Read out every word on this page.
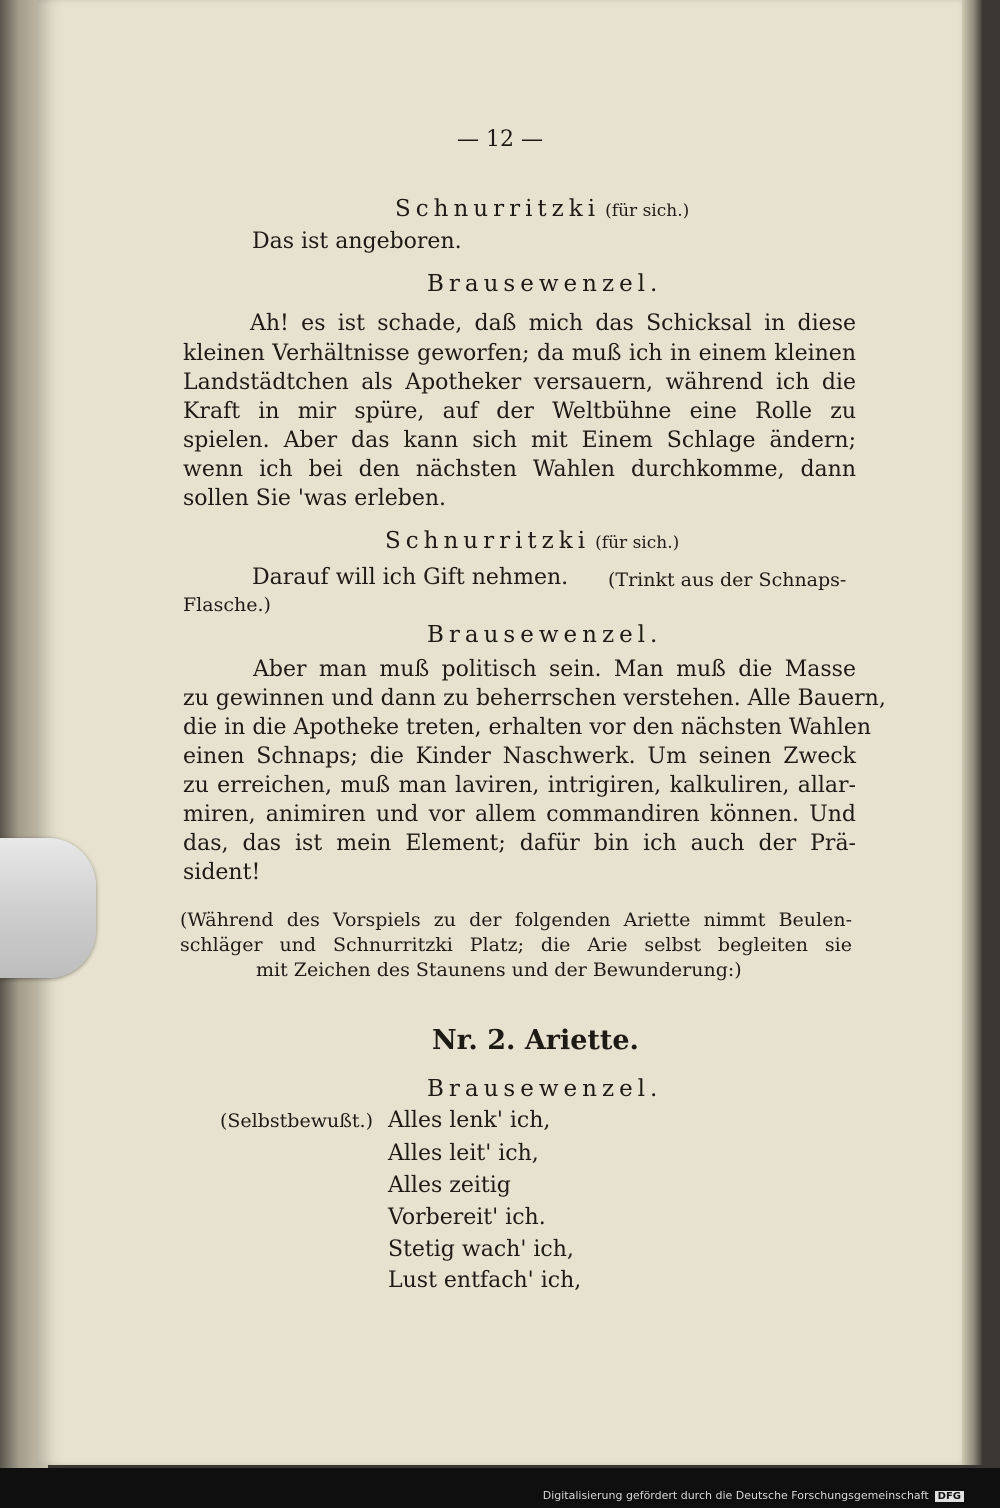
— 12 —
Schnurritzki (für sich.)
Das ist angeboren.
Brausewenzel.
Ah! es ist schade, daß mich das Schicksal in diese
kleinen Verhältnisse geworfen; da muß ich in einem kleinen
Landstädtchen als Apotheker versauern, während ich die
Kraft in mir spüre, auf der Weltbühne eine Rolle zu
spielen. Aber das kann sich mit Einem Schlage ändern;
wenn ich bei den nächsten Wahlen durchkomme, dann
sollen Sie 'was erleben.
Schnurritzki (für sich.)
Darauf will ich Gift nehmen. (Trinkt aus der Schnaps-
Flasche.)
Brausewenzel.
Aber man muß politisch sein. Man muß die Masse
zu gewinnen und dann zu beherrschen verstehen. Alle Bauern,
die in die Apotheke treten, erhalten vor den nächsten Wahlen
einen Schnaps; die Kinder Naschwerk. Um seinen Zweck
zu erreichen, muß man laviren, intrigiren, kalkuliren, allar-
miren, animiren und vor allem commandiren können. Und
das, das ist mein Element; dafür bin ich auch der Prä-
sident!
(Während des Vorspiels zu der folgenden Ariette nimmt Beulen-
schläger und Schnurritzki Platz; die Arie selbst begleiten sie
mit Zeichen des Staunens und der Bewunderung:)
Nr. 2. Ariette.
Brausewenzel.
(Selbstbewußt.) Alles lenk' ich,
Alles leit' ich,
Alles zeitig
Vorbereit' ich.
Stetig wach' ich,
Lust entfach' ich,
Digitalisierung gefördert durch die Deutsche Forschungsgemeinschaft DFG
